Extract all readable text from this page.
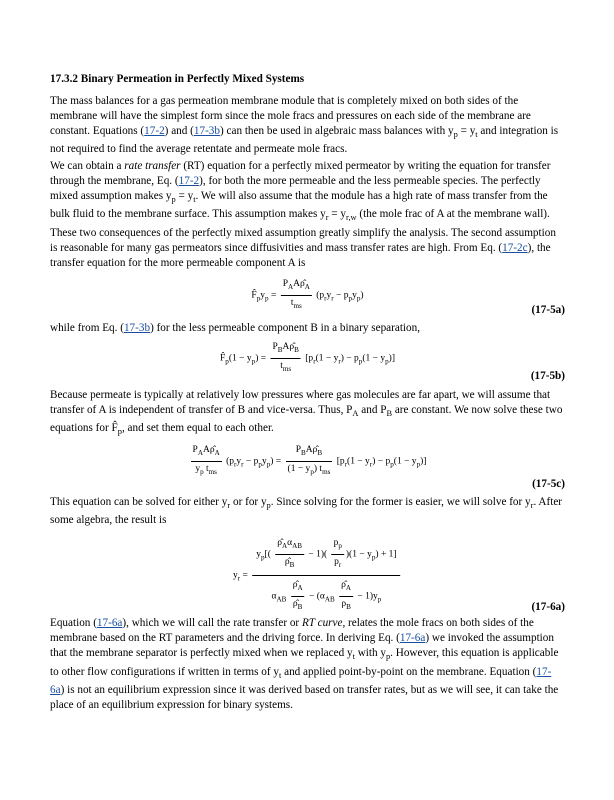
17.3.2 Binary Permeation in Perfectly Mixed Systems

The mass balances for a gas permeation membrane module that is completely mixed on both sides of the membrane will have the simplest form since the mole fracs and pressures on each side of the membrane are constant. Equations (17-2) and (17-3b) can then be used in algebraic mass balances with $y_p = y_t$ and integration is not required to find the average retentate and permeate mole fracs.

We can obtain a rate transfer (RT) equation for a perfectly mixed permeator by writing the equation for transfer through the membrane, Eq. (17-2), for both the more permeable and the less permeable species. The perfectly mixed assumption makes $y_p = y_t$. We will also assume that the module has a high rate of mass transfer from the bulk fluid to the membrane surface. This assumption makes $y_r = y_{r,w}$ (the mole frac of A at the membrane wall). These two consequences of the perfectly mixed assumption greatly simplify the analysis. The second assumption is reasonable for many gas permeators since diffusivities and mass transfer rates are high. From Eq. (17-2c), the transfer equation for the more permeable component A is

$F̂_py_p = \frac{P_AA\rhô_A}{t_{ms}} (p_ry_r - p_py_p)$
(17-5a)

while from Eq. (17-3b) for the less permeable component B in a binary separation,

$F̂_p(1 - y_p) = \frac{P_BA\rhô_B}{t_{ms}} [p_r(1 - y_r) - p_p(1 - y_p)]$
(17-5b)

Because permeate is typically at relatively low pressures where gas molecules are far apart, we will assume that transfer of A is independent of transfer of B and vice-versa. Thus, $P_A$ and $P_B$ are constant. We now solve these two equations for $F̂_p$, and set them equal to each other.

$\frac{P_AA\rhô_A}{y_p t_{ms}} (p_ry_r - p_py_p) = \frac{P_BA\rhô_B}{(1 - y_p) t_{ms}} [p_r(1 - y_r) - p_p(1 - y_p)]$
(17-5c)

This equation can be solved for either $y_r$ or for $y_p$. Since solving for the former is easier, we will solve for $y_r$. After some algebra, the result is

$y_r$ =
$y_p[( \frac{\rhô_A\alpha_{AB}}{\rhô_B} - 1)( \frac{p_p}{p_r} )(1 - y_p) + 1]$
$\alpha_{AB} \frac{\rhô_A}{\rhô_B} - (\alpha_{AB} \frac{\rhô_A}{\rho_B} - 1)y_p$
(17-6a)

Equation (17-6a), which we will call the rate transfer or RT curve, relates the mole fracs on both sides of the membrane based on the RT parameters and the driving force. In deriving Eq. (17-6a) we invoked the assumption that the membrane separator is perfectly mixed when we replaced $y_t$ with $y_p$. However, this equation is applicable to other flow configurations if written in terms of $y_t$ and applied point-by-point on the membrane. Equation (17-6a) is not an equilibrium expression since it was derived based on transfer rates, but as we will see, it can take the place of an equilibrium expression for binary systems.
